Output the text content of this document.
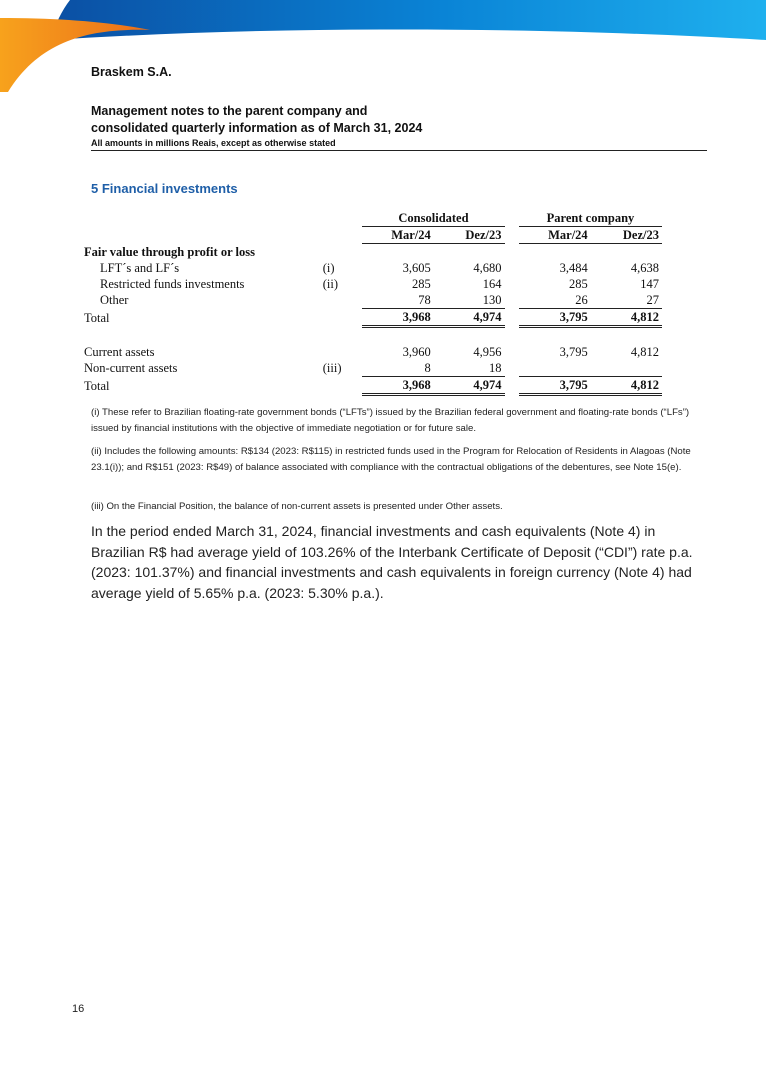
Braskem S.A.
Management notes to the parent company and
consolidated quarterly information as of March 31, 2024
All amounts in millions Reais, except as otherwise stated
5 Financial investments
		Consolidated			Parent company	
		Mar/24	Dez/23		Mar/24	Dez/23
Fair value through profit or loss						
LFT´s and LF´s	(i)	3,605	4,680		3,484	4,638
Restricted funds investments	(ii)	285	164		285	147
Other		78	130		26	27
Total		3,968	4,974		3,795	4,812

Current assets		3,960	4,956		3,795	4,812
Non-current assets	(iii)	8	18			
Total		3,968	4,974		3,795	4,812
(i) These refer to Brazilian floating-rate government bonds (“LFTs”) issued by the Brazilian federal government and floating-rate bonds (“LFs”) issued by financial institutions with the objective of immediate negotiation or for future sale.
(ii) Includes the following amounts: R$134 (2023: R$115) in restricted funds used in the Program for Relocation of Residents in Alagoas (Note 23.1(i)); and R$151 (2023: R$49) of balance associated with compliance with the contractual obligations of the debentures, see Note 15(e).
(iii) On the Financial Position, the balance of non-current assets is presented under Other assets.
In the period ended March 31, 2024, financial investments and cash equivalents (Note 4) in Brazilian R$ had average yield of 103.26% of the Interbank Certificate of Deposit (“CDI”) rate p.a. (2023: 101.37%) and financial investments and cash equivalents in foreign currency (Note 4) had average yield of 5.65% p.a. (2023: 5.30% p.a.).
16
